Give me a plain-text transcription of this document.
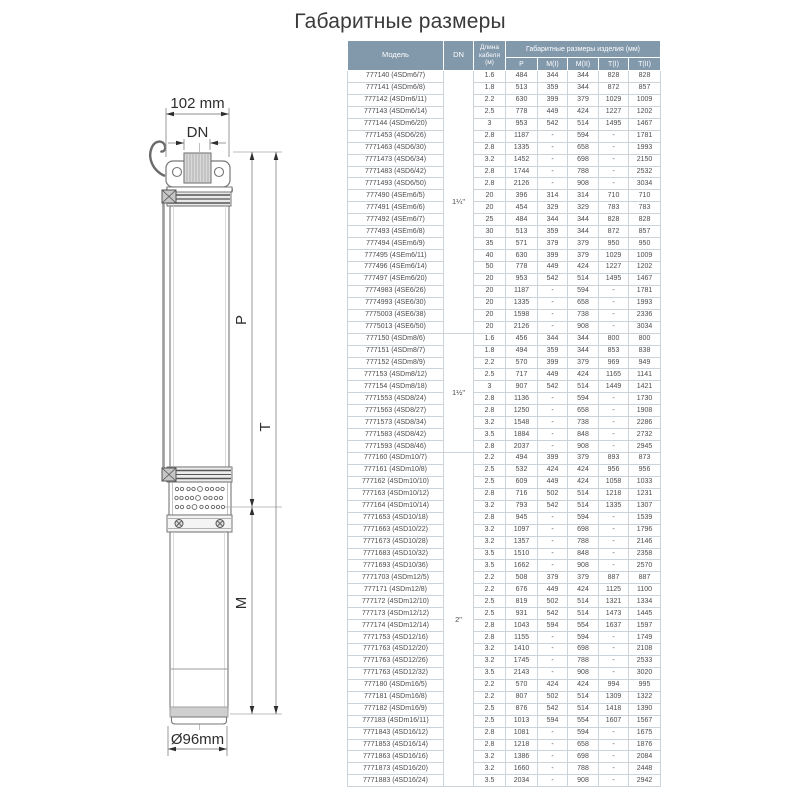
Габаритные размеры
102 mm
DN
P
M
T
Ø96mm
Модель	DN	Длина кабеля (м)	Габаритные размеры изделия (мм)				
			P	M(I)	M(II)	T(I)	T(II)
777140 (4SDm6/7)	1¼"	1.6	484	344	344	828	828
777141 (4SDm6/8)		1.8	513	359	344	872	857
777142 (4SDm6/11)		2.2	630	399	379	1029	1009
777143 (4SDm6/14)		2.5	778	449	424	1227	1202
777144 (4SDm6/20)		3	953	542	514	1495	1467
7771453 (4SD6/26)		2.8	1187	-	594	-	1781
7771463 (4SD6/30)		2.8	1335	-	658	-	1993
7771473 (4SD6/34)		3.2	1452	-	698	-	2150
7771483 (4SD6/42)		2.8	1744	-	788	-	2532
7771493 (4SD6/50)		2.8	2126	-	908	-	3034
777490 (4SEm6/5)		20	396	314	314	710	710
777491 (4SEm6/6)		20	454	329	329	783	783
777492 (4SEm6/7)		25	484	344	344	828	828
777493 (4SEm6/8)		30	513	359	344	872	857
777494 (4SEm6/9)		35	571	379	379	950	950
777495 (4SEm6/11)		40	630	399	379	1029	1009
777496 (4SEm6/14)		50	778	449	424	1227	1202
777497 (4SEm6/20)		20	953	542	514	1495	1467
7774983 (4SE6/26)		20	1187	-	594	-	1781
7774993 (4SE6/30)		20	1335	-	658	-	1993
7775003 (4SE6/38)		20	1598	-	738	-	2336
7775013 (4SE6/50)		20	2126	-	908	-	3034
777150 (4SDm8/6)	1½"	1.6	456	344	344	800	800
777151 (4SDm8/7)		1.8	494	359	344	853	838
777152 (4SDm8/9)		2.2	570	399	379	969	949
777153 (4SDm8/12)		2.5	717	449	424	1165	1141
777154 (4SDm8/18)		3	907	542	514	1449	1421
7771553 (4SD8/24)		2.8	1136	-	594	-	1730
7771563 (4SD8/27)		2.8	1250	-	658	-	1908
7771573 (4SD8/34)		3.2	1548	-	738	-	2286
7771583 (4SD8/42)		3.5	1884	-	848	-	2732
7771593 (4SD8/46)		2.8	2037	-	908	-	2945
777160 (4SDm10/7)	2"	2.2	494	399	379	893	873
777161 (4SDm10/8)		2.5	532	424	424	956	956
777162 (4SDm10/10)		2.5	609	449	424	1058	1033
777163 (4SDm10/12)		2.8	716	502	514	1218	1231
777164 (4SDm10/14)		3.2	793	542	514	1335	1307
7771653 (4SD10/18)		2.8	945	-	594	-	1539
7771663 (4SD10/22)		3.2	1097	-	698	-	1796
7771673 (4SD10/28)		3.2	1357	-	788	-	2146
7771683 (4SD10/32)		3.5	1510	-	848	-	2358
7771693 (4SD10/36)		3.5	1662	-	908	-	2570
7771703 (4SDm12/5)		2.2	508	379	379	887	887
777171 (4SDm12/8)		2.2	676	449	424	1125	1100
777172 (4SDm12/10)		2.5	819	502	514	1321	1334
777173 (4SDm12/12)		2.5	931	542	514	1473	1445
777174 (4SDm12/14)		2.8	1043	594	554	1637	1597
7771753 (4SD12/16)		2.8	1155	-	594	-	1749
7771763 (4SD12/20)		3.2	1410	-	698	-	2108
7771763 (4SD12/26)		3.2	1745	-	788	-	2533
7771763 (4SD12/32)		3.5	2143	-	908	-	3020
777180 (4SDm16/5)		2.2	570	424	424	994	995
777181 (4SDm16/8)		2.2	807	502	514	1309	1322
777182 (4SDm16/9)		2.5	876	542	514	1418	1390
777183 (4SDm16/11)		2.5	1013	594	554	1607	1567
7771843 (4SD16/12)		2.8	1081	-	594	-	1675
7771853 (4SD16/14)		2.8	1218	-	658	-	1876
7771863 (4SD16/16)		3.2	1386	-	698	-	2084
7771873 (4SD16/20)		3.2	1660	-	788	-	2448
7771883 (4SD16/24)		3.5	2034	-	908	-	2942
